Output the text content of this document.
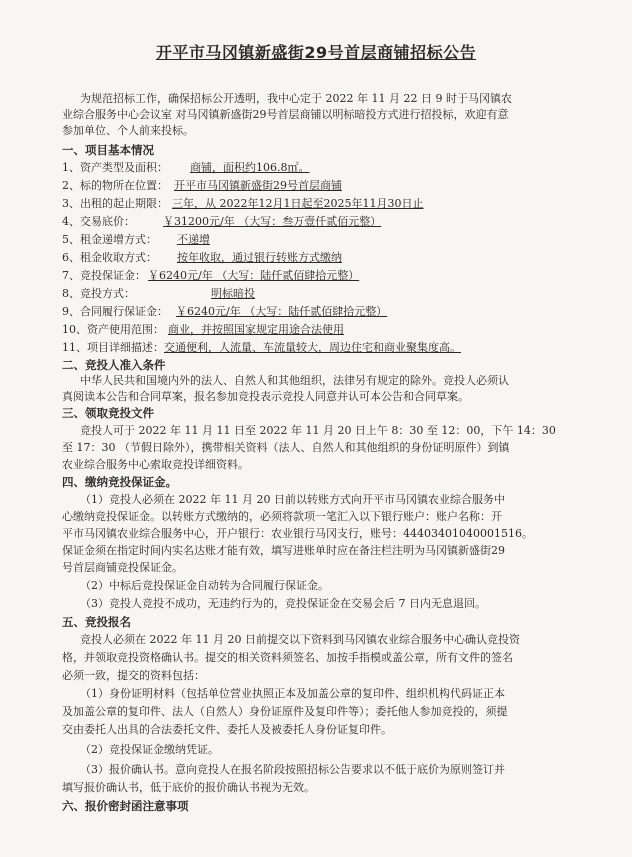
开平市马冈镇新盛街29号首层商铺招标公告
为规范招标工作，确保招标公开透明，我中心定于 2022 年 11 月 22 日 9 时于马冈镇农
业综合服务中心会议室 对马冈镇新盛街29号首层商铺以明标暗投方式进行招投标，欢迎有意
参加单位、个人前来投标。
一、项目基本情况
1、资产类型及面积： 商铺，面积约106.8㎡。
2、标的物所在位置： 开平市马冈镇新盛街29号首层商铺
3、出租的起止期限： 三年，从 2022年12月1日起至2025年11月30日止
4、交易底价：	￥31200元/年 （大写：叁万壹仟贰佰元整）
5、租金递增方式： 不递增
6、租金收取方式： 按年收取，通过银行转账方式缴纳
7、竞投保证金： ￥6240元/年 （大写：陆仟贰佰肆拾元整）
8、竞投方式：	明标暗投
9、合同履行保证金： ￥6240元/年 （大写：陆仟贰佰肆拾元整）
10、资产使用范围： 商业，并按照国家规定用途合法使用
11、项目详细描述：交通便利，人流量、车流量较大，周边住宅和商业聚集度高。
二、竞投人准入条件
中华人民共和国境内外的法人、自然人和其他组织，法律另有规定的除外。竞投人必须认
真阅读本公告和合同草案，报名参加竞投表示竞投人同意并认可本公告和合同草案。
三、领取竞投文件
竞投人可于 2022 年 11 月 11 日至 2022 年 11 月 20 日上午 8：30 至 12：00，下午 14：30
至 17：30 （节假日除外），携带相关资料（法人、自然人和其他组织的身份证明原件）到镇
农业综合服务中心索取竞投详细资料。
四、缴纳竞投保证金。
（1）竞投人必须在 2022 年 11 月 20 日前以转账方式向开平市马冈镇农业综合服务中
心缴纳竞投保证金。以转账方式缴纳的，必须将款项一笔汇入以下银行账户：账户名称：开
平市马冈镇农业综合服务中心，开户银行：农业银行马冈支行，账号：44403401040001516。
保证金须在指定时间内实名达账才能有效，填写进账单时应在备注栏注明为马冈镇新盛街29
号首层商铺竞投保证金。
（2）中标后竞投保证金自动转为合同履行保证金。
（3）竞投人竞投不成功，无违约行为的，竞投保证金在交易会后 7 日内无息退回。
五、竞投报名
竞投人必须在 2022 年 11 月 20 日前提交以下资料到马冈镇农业综合服务中心确认竞投资
格，并领取竞投资格确认书。提交的相关资料须签名、加按手指模或盖公章，所有文件的签名
必须一致，提交的资料包括：
（1）身份证明材料（包括单位营业执照正本及加盖公章的复印件、组织机构代码证正本
及加盖公章的复印件、法人（自然人）身份证原件及复印件等）；委托他人参加竞投的，须提
交由委托人出具的合法委托文件、委托人及被委托人身份证复印件。
（2）竞投保证金缴纳凭证。
（3）报价确认书。意向竞投人在报名阶段按照招标公告要求以不低于底价为原则签订并
填写报价确认书，低于底价的报价确认书视为无效。
六、报价密封函注意事项
